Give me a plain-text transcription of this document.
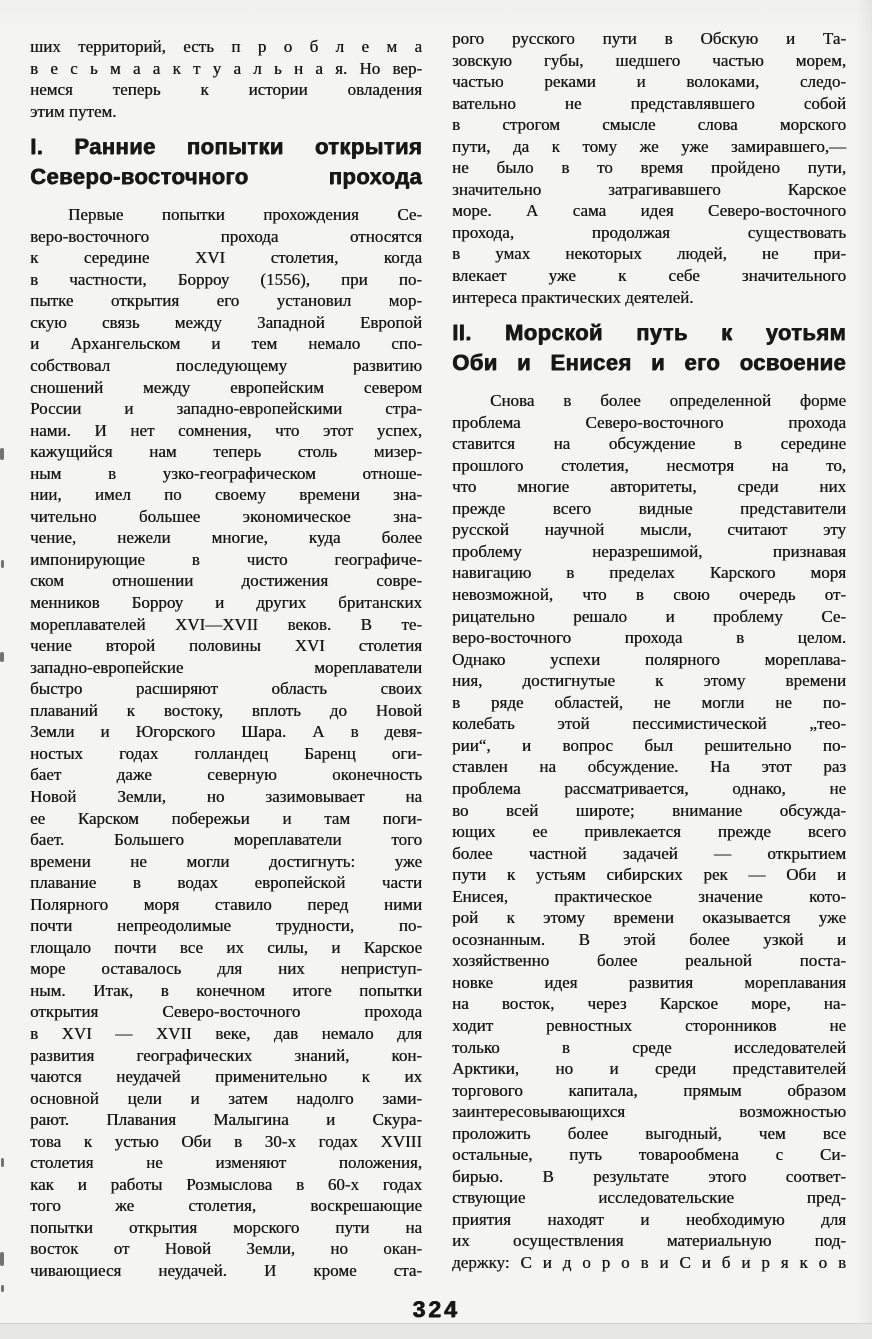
ших территорий, есть п р о б л е м а
в е с ь м а а к т у а л ь н а я. Но вер-
немся теперь к истории овладения
этим путем.
I. Ранние попытки открытия
Северо-восточного прохода
Первые попытки прохождения Се-
веро-восточного прохода относятся
к середине XVI столетия, когда
в частности, Борроу (1556), при по-
пытке открытия его установил мор-
скую связь между Западной Европой
и Архангельском и тем немало спо-
собствовал последующему развитию
сношений между европейским севером
России и западно-европейскими стра-
нами. И нет сомнения, что этот успех,
кажущийся нам теперь столь мизер-
ным в узко-географическом отноше-
нии, имел по своему времени зна-
чительно большее экономическое зна-
чение, нежели многие, куда более
импонирующие в чисто географиче-
ском отношении достижения совре-
менников Борроу и других британских
мореплавателей XVI—XVII веков. В те-
чение второй половины XVI столетия
западно-европейские мореплаватели
быстро расширяют область своих
плаваний к востоку, вплоть до Новой
Земли и Югорского Шара. А в девя-
ностых годах голландец Баренц оги-
бает даже северную оконечность
Новой Земли, но зазимовывает на
ее Карском побережьи и там поги-
бает. Большего мореплаватели того
времени не могли достигнуть: уже
плавание в водах европейской части
Полярного моря ставило перед ними
почти непреодолимые трудности, по-
глощало почти все их силы, и Карское
море оставалось для них неприступ-
ным. Итак, в конечном итоге попытки
открытия Северо-восточного прохода
в XVI — XVII веке, дав немало для
развития географических знаний, кон-
чаются неудачей применительно к их
основной цели и затем надолго зами-
рают. Плавания Малыгина и Скура-
това к устью Оби в 30-х годах XVIII
столетия не изменяют положения,
как и работы Розмыслова в 60-х годах
того же столетия, воскрешающие
попытки открытия морского пути на
восток от Новой Земли, но окан-
чивающиеся неудачей. И кроме ста-
рого русского пути в Обскую и Та-
зовскую губы, шедшего частью морем,
частью реками и волоками, следо-
вательно не представлявшего собой
в строгом смысле слова морского
пути, да к тому же уже замиравшего,—
не было в то время пройдено пути,
значительно затрагивавшего Карское
море. А сама идея Северо-восточного
прохода, продолжая существовать
в умах некоторых людей, не при-
влекает уже к себе значительного
интереса практических деятелей.
II. Морской путь к уотьям
Оби и Енисея и его освоение
Снова в более определенной форме
проблема Северо-восточного прохода
ставится на обсуждение в середине
прошлого столетия, несмотря на то,
что многие авторитеты, среди них
прежде всего видные представители
русской научной мысли, считают эту
проблему неразрешимой, признавая
навигацию в пределах Карского моря
невозможной, что в свою очередь от-
рицательно решало и проблему Се-
веро-восточного прохода в целом.
Однако успехи полярного мореплава-
ния, достигнутые к этому времени
в ряде областей, не могли не по-
колебать этой пессимистической „тео-
рии“, и вопрос был решительно по-
ставлен на обсуждение. На этот раз
проблема рассматривается, однако, не
во всей широте; внимание обсужда-
ющих ее привлекается прежде всего
более частной задачей — открытием
пути к устьям сибирских рек — Оби и
Енисея, практическое значение кото-
рой к этому времени оказывается уже
осознанным. В этой более узкой и
хозяйственно более реальной поста-
новке идея развития мореплавания
на восток, через Карское море, на-
ходит ревностных сторонников не
только в среде исследователей
Арктики, но и среди представителей
торгового капитала, прямым образом
заинтересовывающихся возможностью
проложить более выгодный, чем все
остальные, путь товарообмена с Си-
бирью. В результате этого соответ-
ствующие исследовательские пред-
приятия находят и необходимую для
их осуществления материальную под-
держку: С и д о р о в и С и б и р я к о в
324
